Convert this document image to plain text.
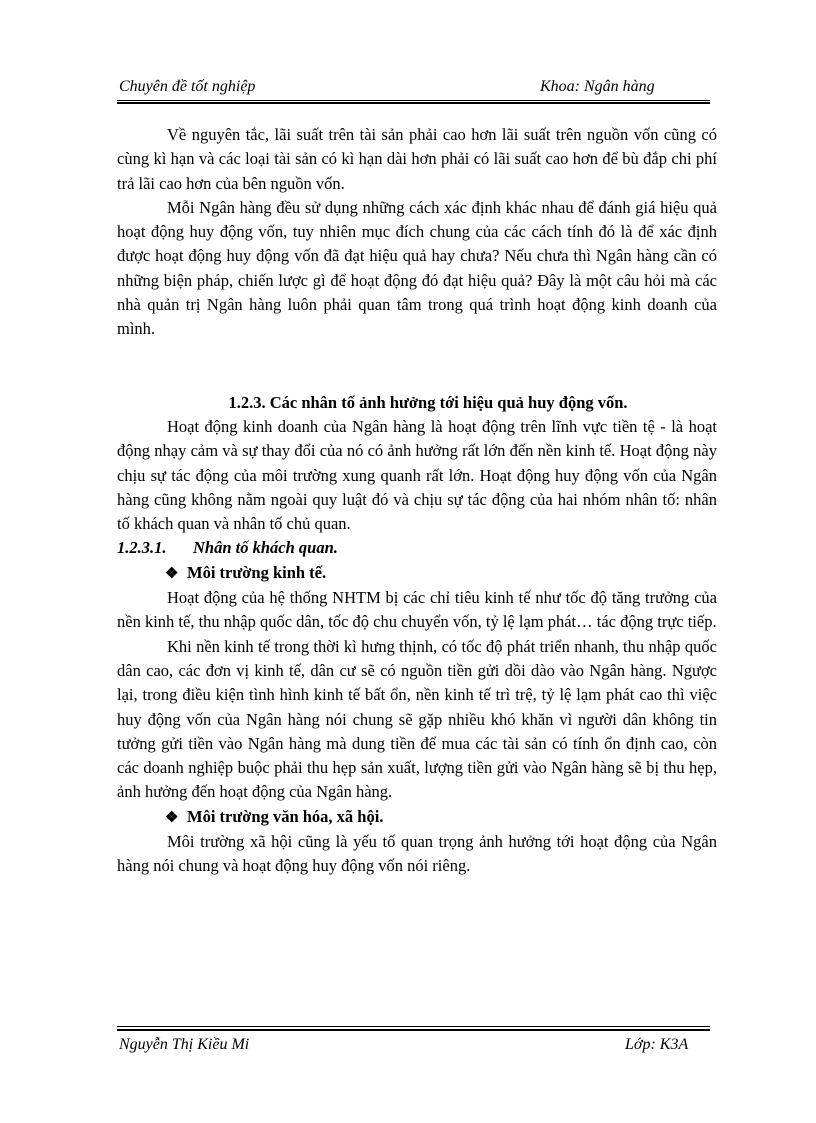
Chuyên đề tốt nghiệp	Khoa: Ngân hàng

Về nguyên tắc, lãi suất trên tài sản phải cao hơn lãi suất trên nguồn vốn cũng có cùng kì hạn và các loại tài sản có kì hạn dài hơn phải có lãi suất cao hơn để bù đắp chi phí trả lãi cao hơn của bên nguồn vốn.

Mỗi Ngân hàng đều sử dụng những cách xác định khác nhau để đánh giá hiệu quả hoạt động huy động vốn, tuy nhiên mục đích chung của các cách tính đó là để xác định được hoạt động huy động vốn đã đạt hiệu quả hay chưa? Nếu chưa thì Ngân hàng cần có những biện pháp, chiến lược gì để hoạt động đó đạt hiệu quả? Đây là một câu hỏi mà các nhà quản trị Ngân hàng luôn phải quan tâm trong quá trình hoạt động kinh doanh của mình.

1.2.3. Các nhân tố ảnh hưởng tới hiệu quả huy động vốn.

Hoạt động kinh doanh của Ngân hàng là hoạt động trên lĩnh vực tiền tệ - là hoạt động nhạy cảm và sự thay đổi của nó có ảnh hưởng rất lớn đến nền kinh tế. Hoạt động này chịu sự tác động của môi trường xung quanh rất lớn. Hoạt động huy động vốn của Ngân hàng cũng không nằm ngoài quy luật đó và chịu sự tác động của hai nhóm nhân tố: nhân tố khách quan và nhân tố chủ quan.

1.2.3.1. Nhân tố khách quan.

❖ Môi trường kinh tế.

Hoạt động của hệ thống NHTM bị các chỉ tiêu kinh tế như tốc độ tăng trưởng của nền kinh tế, thu nhập quốc dân, tốc độ chu chuyển vốn, tỷ lệ lạm phát… tác động trực tiếp.

Khi nền kinh tế trong thời kì hưng thịnh, có tốc độ phát triển nhanh, thu nhập quốc dân cao, các đơn vị kinh tế, dân cư sẽ có nguồn tiền gửi dồi dào vào Ngân hàng. Ngược lại, trong điều kiện tình hình kinh tế bất ổn, nền kinh tế trì trệ, tỷ lệ lạm phát cao thì việc huy động vốn của Ngân hàng nói chung sẽ gặp nhiều khó khăn vì người dân không tin tưởng gửi tiền vào Ngân hàng mà dung tiền để mua các tài sản có tính ổn định cao, còn các doanh nghiệp buộc phải thu hẹp sản xuất, lượng tiền gửi vào Ngân hàng sẽ bị thu hẹp, ảnh hưởng đến hoạt động của Ngân hàng.

❖ Môi trường văn hóa, xã hội.

Môi trường xã hội cũng là yếu tố quan trọng ảnh hưởng tới hoạt động của Ngân hàng nói chung và hoạt động huy động vốn nói riêng.

Nguyễn Thị Kiều Mi	Lớp: K3A
